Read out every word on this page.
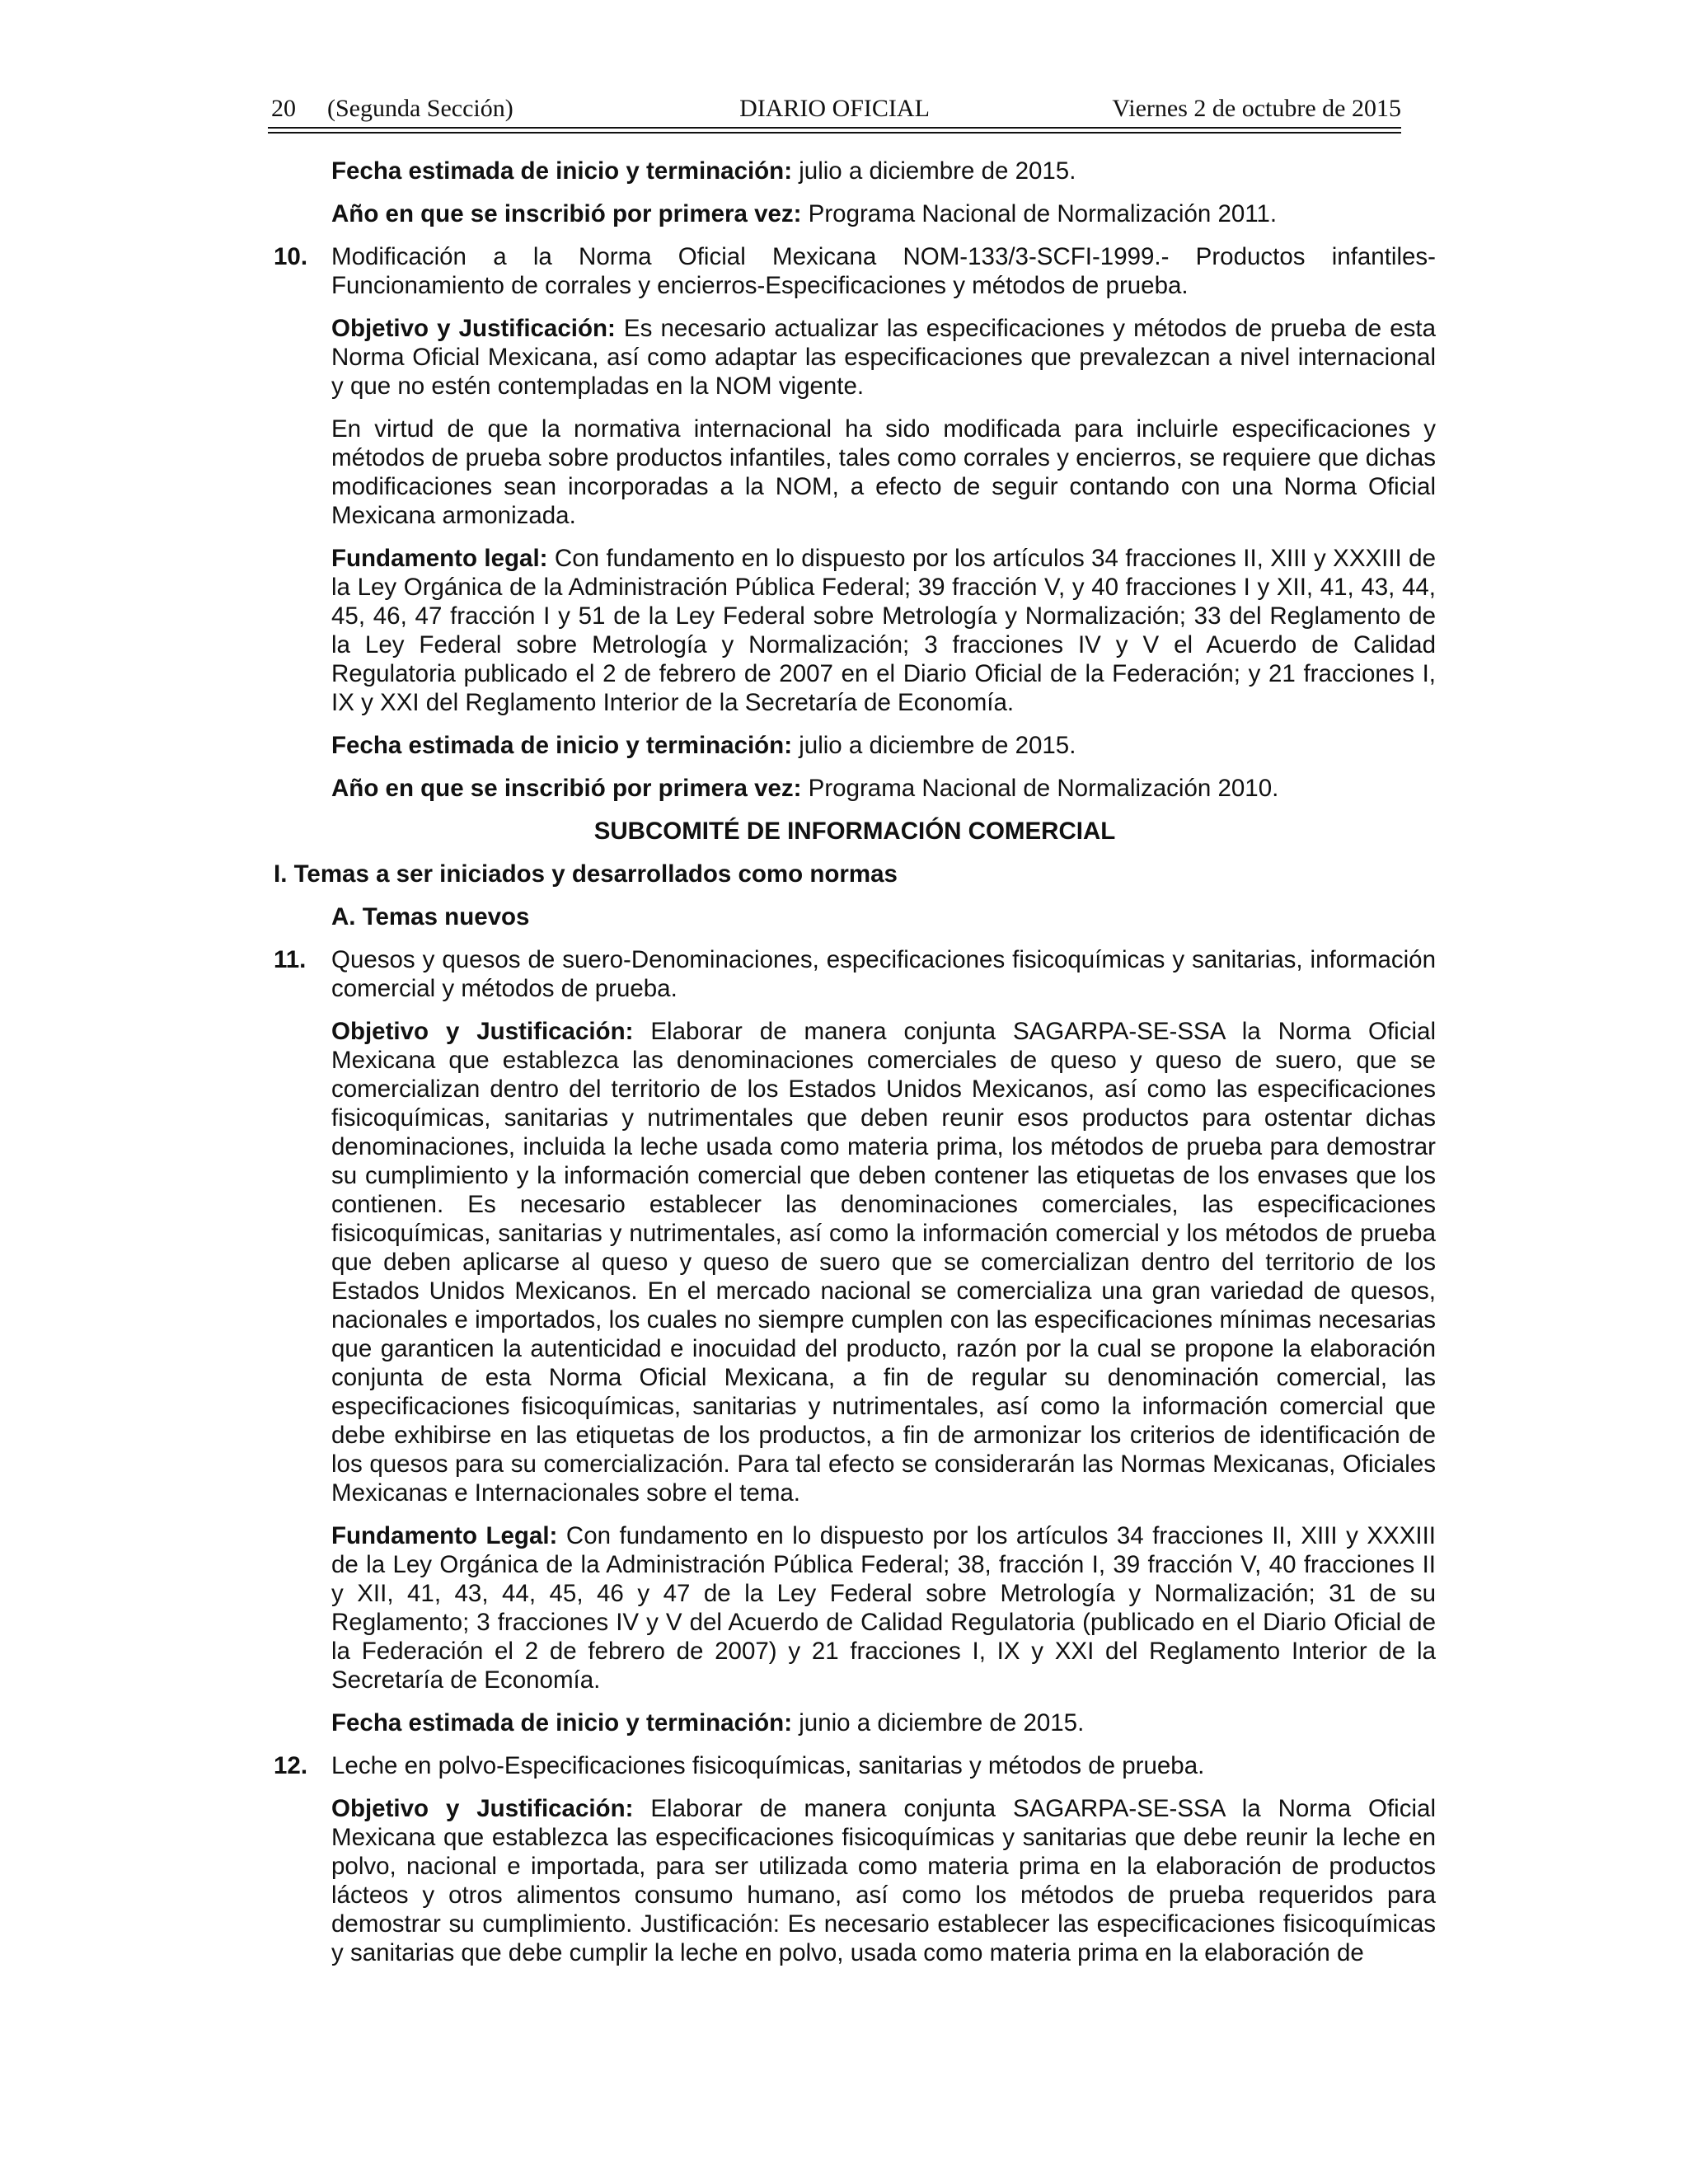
20 (Segunda Sección)	DIARIO OFICIAL	Viernes 2 de octubre de 2015

Fecha estimada de inicio y terminación: julio a diciembre de 2015.

Año en que se inscribió por primera vez: Programa Nacional de Normalización 2011.

10. Modificación a la Norma Oficial Mexicana NOM-133/3-SCFI-1999.- Productos infantiles-Funcionamiento de corrales y encierros-Especificaciones y métodos de prueba.

Objetivo y Justificación: Es necesario actualizar las especificaciones y métodos de prueba de esta Norma Oficial Mexicana, así como adaptar las especificaciones que prevalezcan a nivel internacional y que no estén contempladas en la NOM vigente.

En virtud de que la normativa internacional ha sido modificada para incluirle especificaciones y métodos de prueba sobre productos infantiles, tales como corrales y encierros, se requiere que dichas modificaciones sean incorporadas a la NOM, a efecto de seguir contando con una Norma Oficial Mexicana armonizada.

Fundamento legal: Con fundamento en lo dispuesto por los artículos 34 fracciones II, XIII y XXXIII de la Ley Orgánica de la Administración Pública Federal; 39 fracción V, y 40 fracciones I y XII, 41, 43, 44, 45, 46, 47 fracción I y 51 de la Ley Federal sobre Metrología y Normalización; 33 del Reglamento de la Ley Federal sobre Metrología y Normalización; 3 fracciones IV y V el Acuerdo de Calidad Regulatoria publicado el 2 de febrero de 2007 en el Diario Oficial de la Federación; y 21 fracciones I, IX y XXI del Reglamento Interior de la Secretaría de Economía.

Fecha estimada de inicio y terminación: julio a diciembre de 2015.

Año en que se inscribió por primera vez: Programa Nacional de Normalización 2010.

SUBCOMITÉ DE INFORMACIÓN COMERCIAL
I. Temas a ser iniciados y desarrollados como normas
A. Temas nuevos
11. Quesos y quesos de suero-Denominaciones, especificaciones fisicoquímicas y sanitarias, información comercial y métodos de prueba.

Objetivo y Justificación: Elaborar de manera conjunta SAGARPA-SE-SSA la Norma Oficial Mexicana que establezca las denominaciones comerciales de queso y queso de suero, que se comercializan dentro del territorio de los Estados Unidos Mexicanos, así como las especificaciones fisicoquímicas, sanitarias y nutrimentales que deben reunir esos productos para ostentar dichas denominaciones, incluida la leche usada como materia prima, los métodos de prueba para demostrar su cumplimiento y la información comercial que deben contener las etiquetas de los envases que los contienen. Es necesario establecer las denominaciones comerciales, las especificaciones fisicoquímicas, sanitarias y nutrimentales, así como la información comercial y los métodos de prueba que deben aplicarse al queso y queso de suero que se comercializan dentro del territorio de los Estados Unidos Mexicanos. En el mercado nacional se comercializa una gran variedad de quesos, nacionales e importados, los cuales no siempre cumplen con las especificaciones mínimas necesarias que garanticen la autenticidad e inocuidad del producto, razón por la cual se propone la elaboración conjunta de esta Norma Oficial Mexicana, a fin de regular su denominación comercial, las especificaciones fisicoquímicas, sanitarias y nutrimentales, así como la información comercial que debe exhibirse en las etiquetas de los productos, a fin de armonizar los criterios de identificación de los quesos para su comercialización. Para tal efecto se considerarán las Normas Mexicanas, Oficiales Mexicanas e Internacionales sobre el tema.

Fundamento Legal: Con fundamento en lo dispuesto por los artículos 34 fracciones II, XIII y XXXIII de la Ley Orgánica de la Administración Pública Federal; 38, fracción I, 39 fracción V, 40 fracciones II y XII, 41, 43, 44, 45, 46 y 47 de la Ley Federal sobre Metrología y Normalización; 31 de su Reglamento; 3 fracciones IV y V del Acuerdo de Calidad Regulatoria (publicado en el Diario Oficial de la Federación el 2 de febrero de 2007) y 21 fracciones I, IX y XXI del Reglamento Interior de la Secretaría de Economía.

Fecha estimada de inicio y terminación: junio a diciembre de 2015.

12. Leche en polvo-Especificaciones fisicoquímicas, sanitarias y métodos de prueba.

Objetivo y Justificación: Elaborar de manera conjunta SAGARPA-SE-SSA la Norma Oficial Mexicana que establezca las especificaciones fisicoquímicas y sanitarias que debe reunir la leche en polvo, nacional e importada, para ser utilizada como materia prima en la elaboración de productos lácteos y otros alimentos consumo humano, así como los métodos de prueba requeridos para demostrar su cumplimiento. Justificación: Es necesario establecer las especificaciones fisicoquímicas y sanitarias que debe cumplir la leche en polvo, usada como materia prima en la elaboración de
